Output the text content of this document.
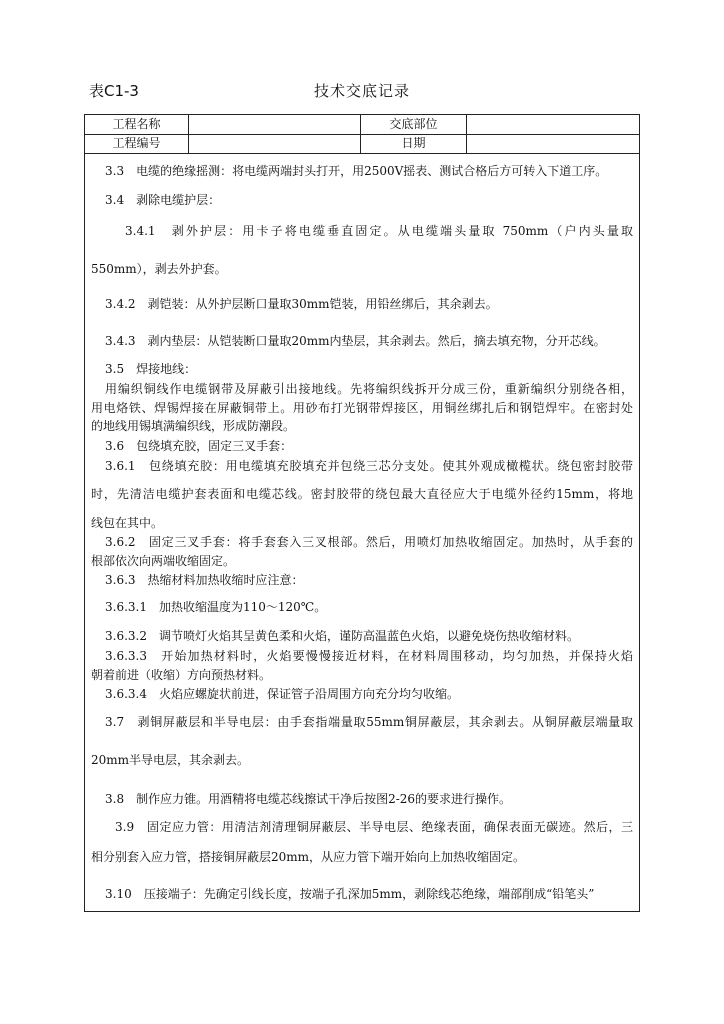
表C1-3	技术交底记录
工程名称	交底部位
工程编号	日期

3.3　电缆的绝缘摇测：将电缆两端封头打开，用2500V摇表、测试合格后方可转入下道工序。

3.4　剥除电缆护层：

3.4.1　剥外护层：用卡子将电缆垂直固定。从电缆端头量取 750mm（户内头量取

550mm），剥去外护套。

3.4.2　剥铠装：从外护层断口量取30mm铠装，用铅丝绑后，其余剥去。

3.4.3　剥内垫层：从铠装断口量取20mm内垫层，其余剥去。然后，摘去填充物，分开芯线。

3.5　焊接地线：

用编织铜线作电缆钢带及屏蔽引出接地线。先将编织线拆开分成三份，重新编织分别绕各相，

用电烙铁、焊锡焊接在屏蔽铜带上。用砂布打光钢带焊接区，用铜丝绑扎后和钢铠焊牢。在密封处

的地线用锡填满编织线，形成防潮段。

3.6　包绕填充胶，固定三叉手套：

3.6.1　包绕填充胶：用电缆填充胶填充并包绕三芯分支处。使其外观成橄榄状。绕包密封胶带

时，先清洁电缆护套表面和电缆芯线。密封胶带的绕包最大直径应大于电缆外径约15mm，将地

线包在其中。

3.6.2　固定三叉手套：将手套套入三叉根部。然后，用喷灯加热收缩固定。加热时，从手套的

根部依次向两端收缩固定。

3.6.3　热缩材料加热收缩时应注意：

3.6.3.1　加热收缩温度为110～120℃。

3.6.3.2　调节喷灯火焰其呈黄色柔和火焰，谨防高温蓝色火焰，以避免烧伤热收缩材料。

3.6.3.3　开始加热材料时，火焰要慢慢接近材料，在材料周围移动，均匀加热，并保持火焰

朝着前进（收缩）方向预热材料。

3.6.3.4　火焰应螺旋状前进，保证管子沿周围方向充分均匀收缩。

3.7　剥铜屏蔽层和半导电层：由手套指端量取55mm铜屏蔽层，其余剥去。从铜屏蔽层端量取

20mm半导电层，其余剥去。

3.8　制作应力锥。用酒精将电缆芯线擦试干净后按图2-26的要求进行操作。

3.9　固定应力管：用清洁剂清理铜屏蔽层、半导电层、绝缘表面，确保表面无碳迹。然后，三

相分别套入应力管，搭接铜屏蔽层20mm，从应力管下端开始向上加热收缩固定。

3.10　压接端子：先确定引线长度，按端子孔深加5mm，剥除线芯绝缘，端部削成“铅笔头”
